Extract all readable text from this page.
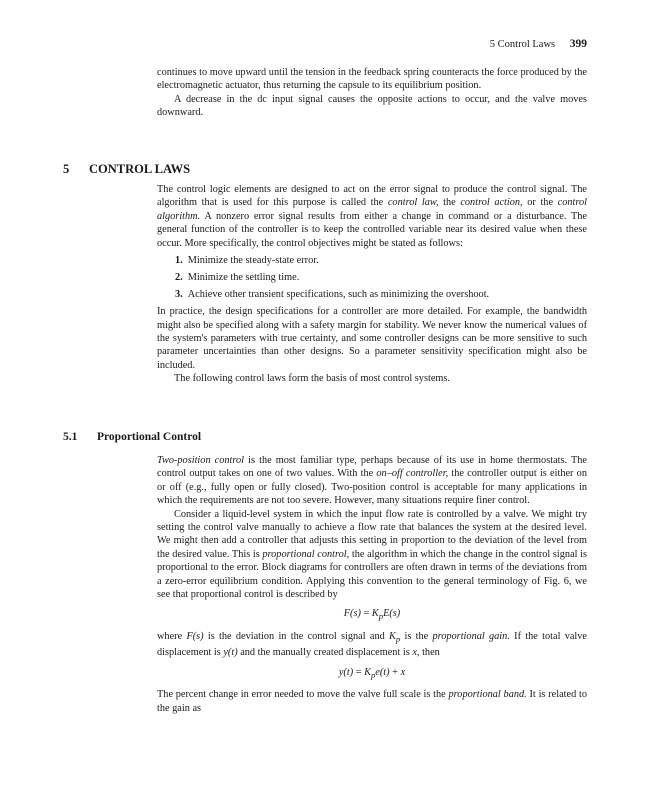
5 Control Laws 399

continues to move upward until the tension in the feedback spring counteracts the force produced by the electromagnetic actuator, thus returning the capsule to its equilibrium position.

A decrease in the dc input signal causes the opposite actions to occur, and the valve moves downward.

5 CONTROL LAWS

The control logic elements are designed to act on the error signal to produce the control signal. The algorithm that is used for this purpose is called the control law, the control action, or the control algorithm. A nonzero error signal results from either a change in command or a disturbance. The general function of the controller is to keep the controlled variable near its desired value when these occur. More specifically, the control objectives might be stated as follows:

1. Minimize the steady-state error.
2. Minimize the settling time.
3. Achieve other transient specifications, such as minimizing the overshoot.

In practice, the design specifications for a controller are more detailed. For example, the bandwidth might also be specified along with a safety margin for stability. We never know the numerical values of the system's parameters with true certainty, and some controller designs can be more sensitive to such parameter uncertainties than other designs. So a parameter sensitivity specification might also be included.

The following control laws form the basis of most control systems.

5.1 Proportional Control

Two-position control is the most familiar type, perhaps because of its use in home thermostats. The control output takes on one of two values. With the on–off controller, the controller output is either on or off (e.g., fully open or fully closed). Two-position control is acceptable for many applications in which the requirements are not too severe. However, many situations require finer control.

Consider a liquid-level system in which the input flow rate is controlled by a valve. We might try setting the control valve manually to achieve a flow rate that balances the system at the desired level. We might then add a controller that adjusts this setting in proportion to the deviation of the level from the desired value. This is proportional control, the algorithm in which the change in the control signal is proportional to the error. Block diagrams for controllers are often drawn in terms of the deviations from a zero-error equilibrium condition. Applying this convention to the general terminology of Fig. 6, we see that proportional control is described by

$F(s) = K_pE(s)$

where F(s) is the deviation in the control signal and $K_p$ is the proportional gain. If the total valve displacement is y(t) and the manually created displacement is x, then

$y(t) = K_pe(t) + x$

The percent change in error needed to move the valve full scale is the proportional band. It is related to the gain as
